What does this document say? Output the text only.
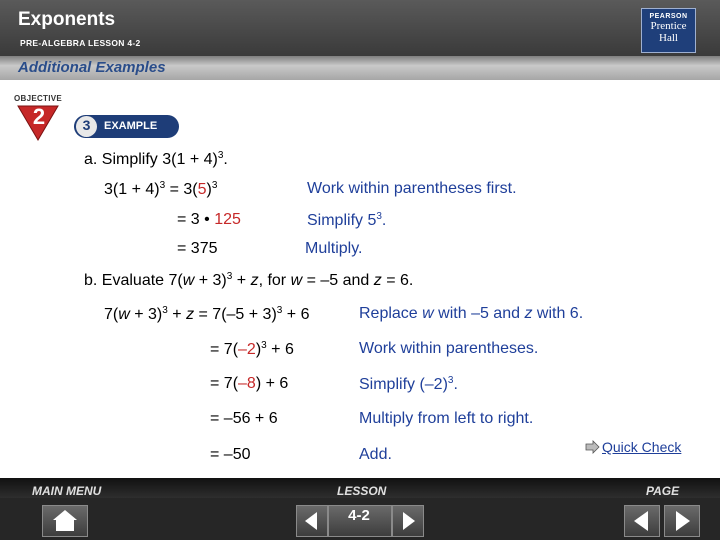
Exponents
PRE-ALGEBRA LESSON 4-2
PEARSON
Prentice
Hall
Additional Examples
OBJECTIVE
2	3	EXAMPLE
a. Simplify $3(1 + 4)^3$.
$3(1 + 4)^3 = 3(5)^3$	Work within parentheses first.
= 3 • 125	Simplify $5^3$.
= 375	Multiply.
b. Evaluate $7(w + 3)^3 + z$, for w = –5 and z = 6.
$7(w + 3)^3 + z = 7(-5 + 3)^3 + 6$	Replace w with –5 and z with 6.
= $7(-2)^3 + 6$	Work within parentheses.
= 7(–8) + 6	Simplify $(-2)^3$.
= –56 + 6	Multiply from left to right.
= –50	Add.	Quick Check
MAIN MENU	LESSON	PAGE
4-2
